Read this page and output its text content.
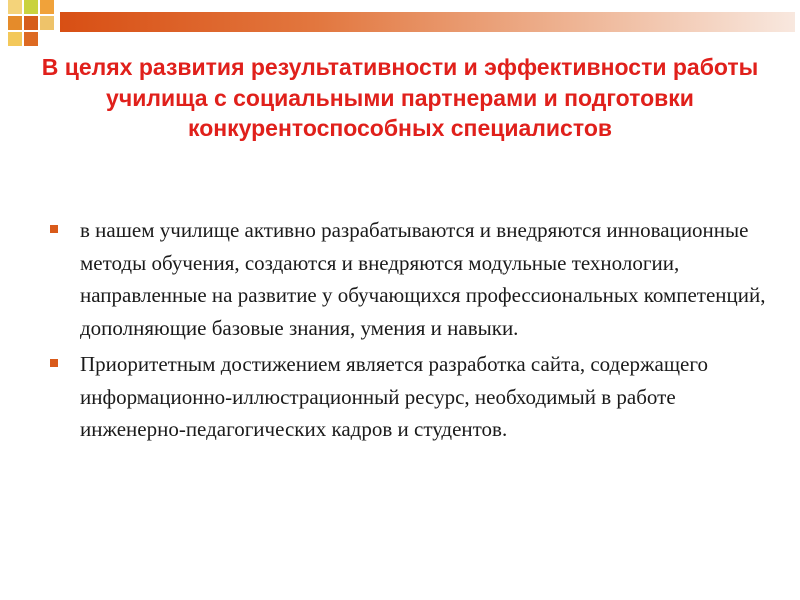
В целях развития результативности и эффективности работы училища с социальными партнерами и подготовки конкурентоспособных специалистов
в нашем училище активно разрабатываются и внедряются инновационные методы обучения, создаются и внедряются модульные технологии, направленные на развитие у обучающихся профессиональных компетенций, дополняющие базовые знания, умения и навыки.
Приоритетным достижением является разработка сайта, содержащего информационно-иллюстрационный ресурс, необходимый в работе инженерно-педагогических кадров и студентов.
